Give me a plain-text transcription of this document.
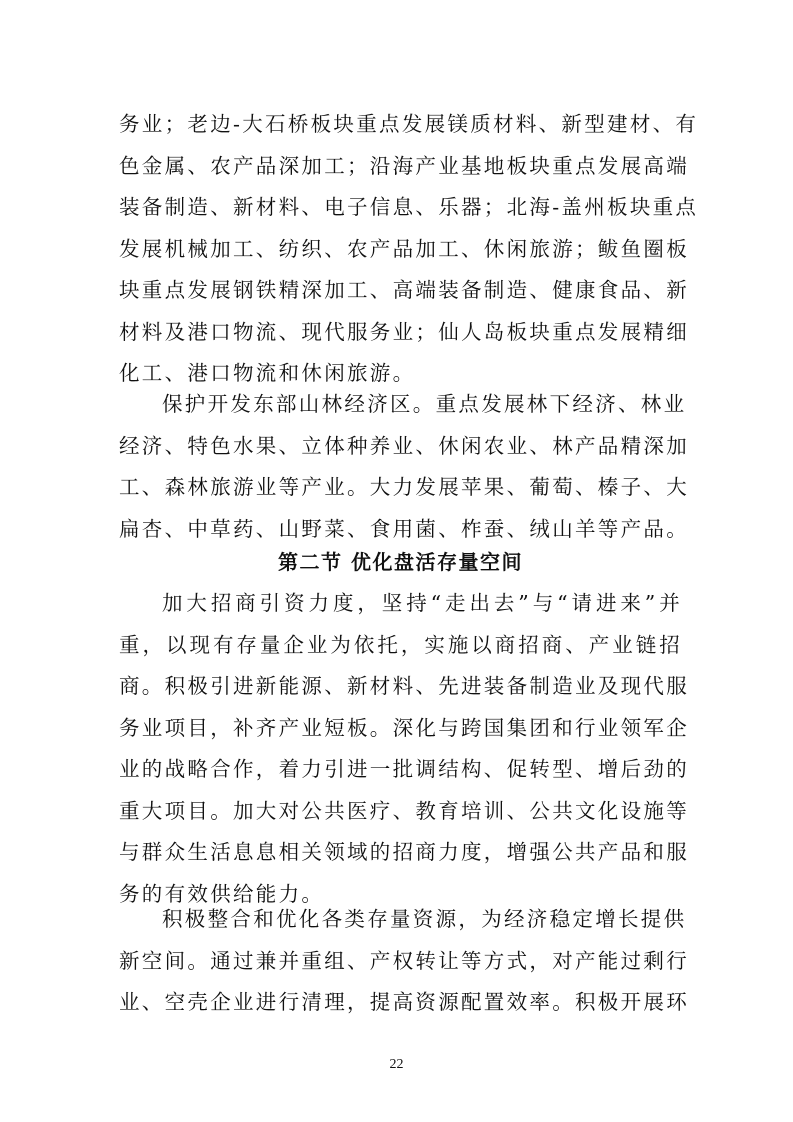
务业；老边-大石桥板块重点发展镁质材料、新型建材、有
色金属、农产品深加工；沿海产业基地板块重点发展高端
装备制造、新材料、电子信息、乐器；北海-盖州板块重点
发展机械加工、纺织、农产品加工、休闲旅游；鲅鱼圈板
块重点发展钢铁精深加工、高端装备制造、健康食品、新
材料及港口物流、现代服务业；仙人岛板块重点发展精细
化工、港口物流和休闲旅游。
保护开发东部山林经济区。重点发展林下经济、林业
经济、特色水果、立体种养业、休闲农业、林产品精深加
工、森林旅游业等产业。大力发展苹果、葡萄、榛子、大
扁杏、中草药、山野菜、食用菌、柞蚕、绒山羊等产品。
第二节 优化盘活存量空间
加大招商引资力度，坚持“走出去”与“请进来”并
重，以现有存量企业为依托，实施以商招商、产业链招
商。积极引进新能源、新材料、先进装备制造业及现代服
务业项目，补齐产业短板。深化与跨国集团和行业领军企
业的战略合作，着力引进一批调结构、促转型、增后劲的
重大项目。加大对公共医疗、教育培训、公共文化设施等
与群众生活息息相关领域的招商力度，增强公共产品和服
务的有效供给能力。
积极整合和优化各类存量资源，为经济稳定增长提供
新空间。通过兼并重组、产权转让等方式，对产能过剩行
业、空壳企业进行清理，提高资源配置效率。积极开展环
22
